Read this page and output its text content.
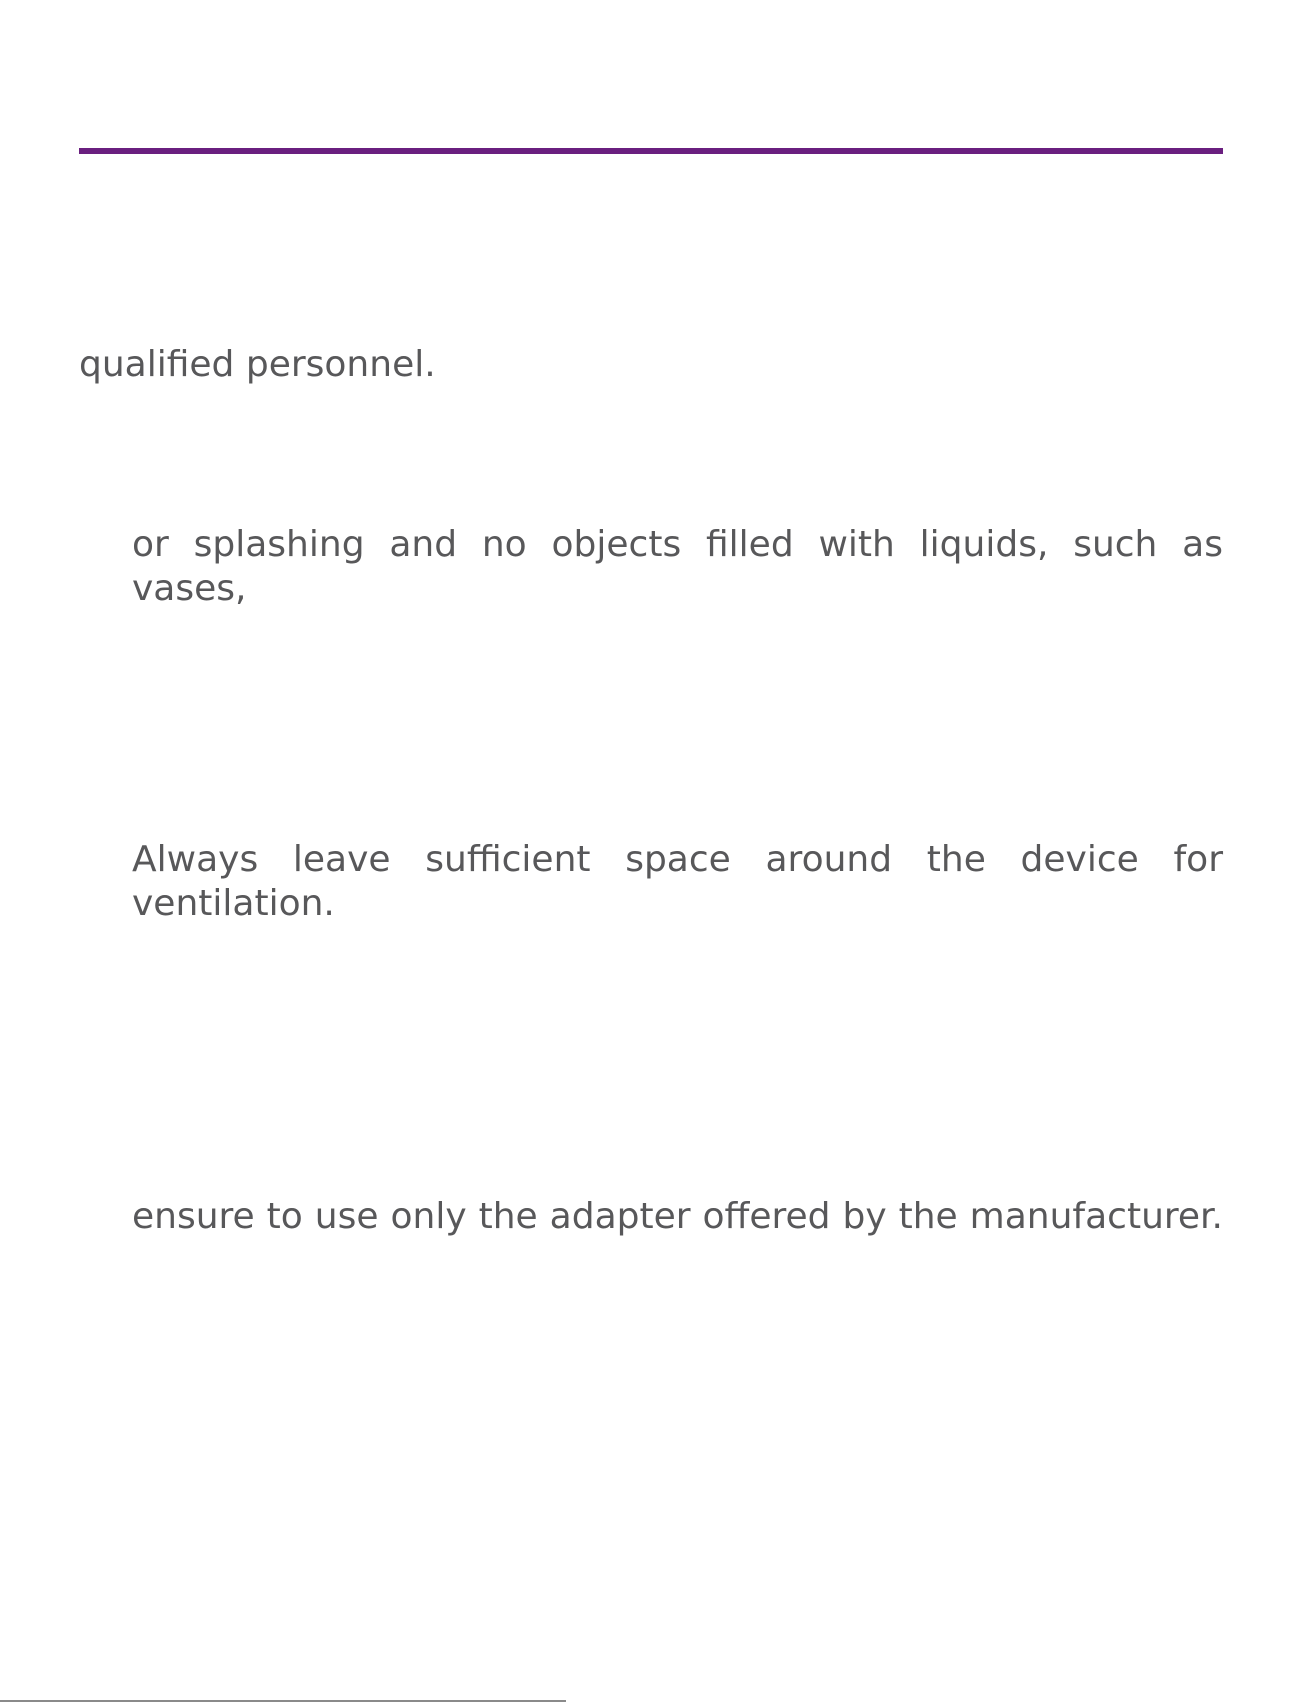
qualified personnel.
or splashing and no objects filled with liquids, such as vases,
Always leave sufficient space around the device for ventilation.
ensure to use only the adapter offered by the manufacturer.
